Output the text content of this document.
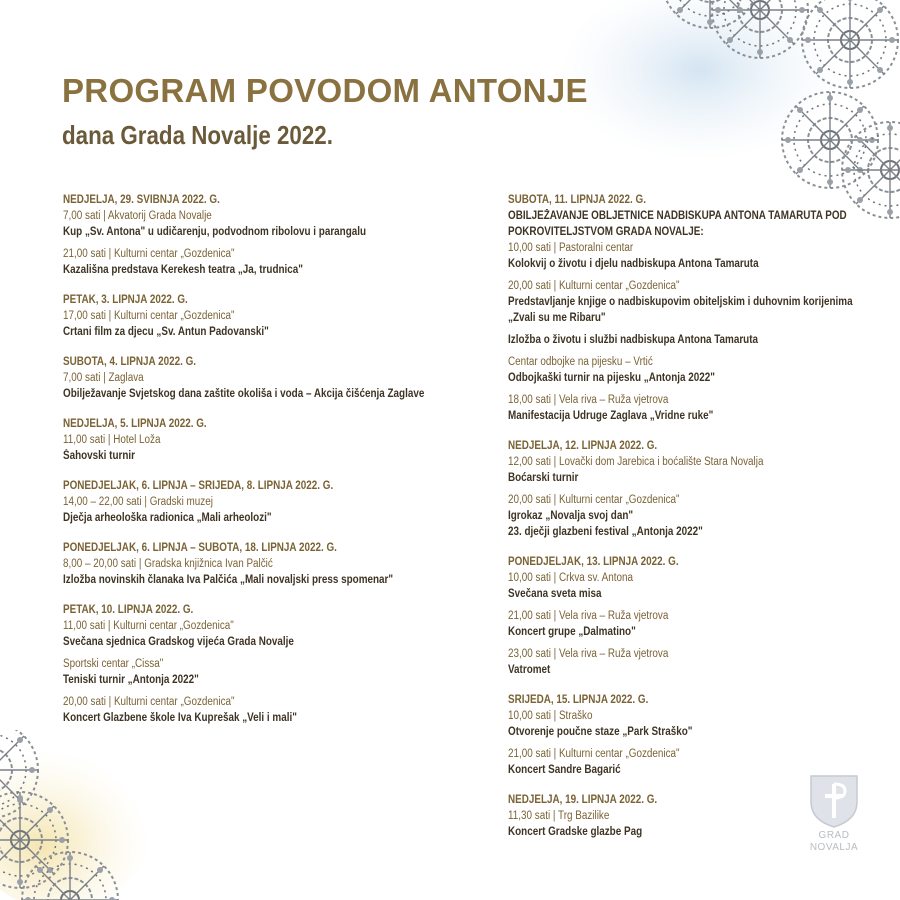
PROGRAM POVODOM ANTONJE
dana Grada Novalje 2022.
NEDJELJA, 29. SVIBNJA 2022. G.
7,00 sati | Akvatorij Grada Novalje
Kup „Sv. Antona" u udičarenju, podvodnom ribolovu i parangalu
21,00 sati | Kulturni centar „Gozdenica"
Kazališna predstava Kerekesh teatra „Ja, trudnica"
PETAK, 3. LIPNJA 2022. G.
17,00 sati | Kulturni centar „Gozdenica"
Crtani film za djecu „Sv. Antun Padovanski"
SUBOTA, 4. LIPNJA 2022. G.
7,00 sati | Zaglava
Obilježavanje Svjetskog dana zaštite okoliša i voda – Akcija čišćenja Zaglave
NEDJELJA, 5. LIPNJA 2022. G.
11,00 sati | Hotel Loža
Šahovski turnir
PONEDJELJAK, 6. LIPNJA – SRIJEDA, 8. LIPNJA 2022. G.
14,00 – 22,00 sati | Gradski muzej
Dječja arheološka radionica „Mali arheolozi"
PONEDJELJAK, 6. LIPNJA – SUBOTA, 18. LIPNJA 2022. G.
8,00 – 20,00 sati | Gradska knjižnica Ivan Palčić
Izložba novinskih članaka Iva Palčića „Mali novaljski press spomenar"
PETAK, 10. LIPNJA 2022. G.
11,00 sati | Kulturni centar „Gozdenica"
Svečana sjednica Gradskog vijeća Grada Novalje
Sportski centar „Cissa"
Teniski turnir „Antonja 2022"
20,00 sati | Kulturni centar „Gozdenica"
Koncert Glazbene škole Iva Kuprešak „Veli i mali"
SUBOTA, 11. LIPNJA 2022. G.
OBILJEŽAVANJE OBLJETNICE NADBISKUPA ANTONA TAMARUTA POD POKROVITELJSTVOM GRADA NOVALJE:
10,00 sati | Pastoralni centar
Kolokvij o životu i djelu nadbiskupa Antona Tamaruta
20,00 sati | Kulturni centar „Gozdenica"
Predstavljanje knjige o nadbiskupovim obiteljskim i duhovnim korijenima „Zvali su me Ribaru"
Izložba o životu i službi nadbiskupa Antona Tamaruta
Centar odbojke na pijesku – Vrtić
Odbojkaški turnir na pijesku „Antonja 2022"
18,00 sati | Vela riva – Ruža vjetrova
Manifestacija Udruge Zaglava „Vridne ruke"
NEDJELJA, 12. LIPNJA 2022. G.
12,00 sati | Lovački dom Jarebica i boćalište Stara Novalja
Boćarski turnir
20,00 sati | Kulturni centar „Gozdenica"
Igrokaz „Novalja svoj dan"
23. dječji glazbeni festival „Antonja 2022"
PONEDJELJAK, 13. LIPNJA 2022. G.
10,00 sati | Crkva sv. Antona
Svečana sveta misa
21,00 sati | Vela riva – Ruža vjetrova
Koncert grupe „Dalmatino"
23,00 sati | Vela riva – Ruža vjetrova
Vatromet
SRIJEDA, 15. LIPNJA 2022. G.
10,00 sati | Straško
Otvorenje poučne staze „Park Straško"
21,00 sati | Kulturni centar „Gozdenica"
Koncert Sandre Bagarić
NEDJELJA, 19. LIPNJA 2022. G.
11,30 sati | Trg Bazilike
Koncert Gradske glazbe Pag	GRAD
NOVALJA
